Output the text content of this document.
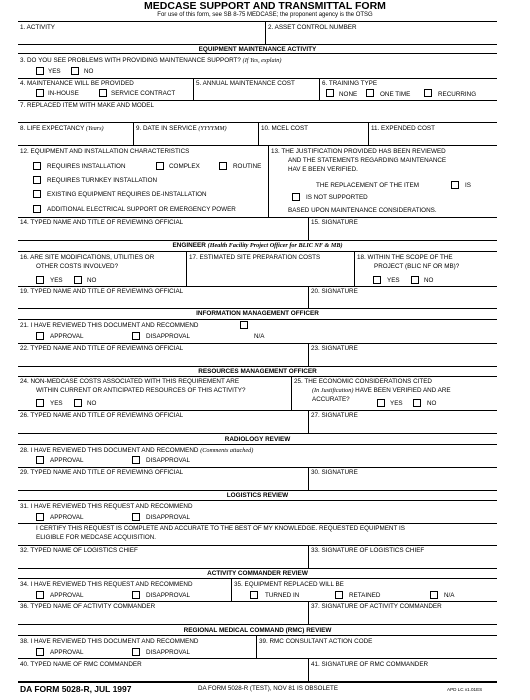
MEDCASE SUPPORT AND TRANSMITTAL FORM
For use of this form, see SB 8-75 MEDCASE; the proponent agency is the OTSG
1. ACTIVITY	2. ASSET CONTROL NUMBER
EQUIPMENT MAINTENANCE ACTIVITY
3. DO YOU SEE PROBLEMS WITH PROVIDING MAINTENANCE SUPPORT? (If Yes, explain)
YES	NO
4. MAINTENANCE WILL BE PROVIDED
IN-HOUSE	SERVICE CONTRACT
5. ANNUAL MAINTENANCE COST	6. TRAINING TYPE
NONE	ONE TIME	RECURRING
7. REPLACED ITEM WITH MAKE AND MODEL
8. LIFE EXPECTANCY (Years)	9. DATE IN SERVICE (YYYYMM)	10. MCEL COST	11. EXPENDED COST
12. EQUIPMENT AND INSTALLATION CHARACTERISTICS
REQUIRES INSTALLATION	COMPLEX	ROUTINE
REQUIRES TURNKEY INSTALLATION
EXISTING EQUIPMENT REQUIRES DE-INSTALLATION
ADDITIONAL ELECTRICAL SUPPORT OR EMERGENCY POWER
13. THE JUSTIFICATION PROVIDED HAS BEEN REVIEWED
AND THE STATEMENTS REGARDING MAINTENANCE
HAV E BEEN VERIFIED.
THE REPLACEMENT OF THE ITEM	IS
IS NOT SUPPORTED
BASED UPON MAINTENANCE CONSIDERATIONS.
14. TYPED NAME AND TITLE OF REVIEWING OFFICIAL	15. SIGNATURE
ENGINEER (Health Facility Project Officer for BLIC NF & MB)
16. ARE SITE MODIFICATIONS, UTILITIES OR
OTHER COSTS INVOLVED?
YES	NO
17. ESTIMATED SITE PREPARATION COSTS	18. WITHIN THE SCOPE OF THE
PROJECT (BLIC NF OR MB)?
YES	NO
19. TYPED NAME AND TITLE OF REVIEWING OFFICIAL	20. SIGNATURE
INFORMATION MANAGEMENT OFFICER
21. I HAVE REVIEWED THIS DOCUMENT AND RECOMMEND
APPROVAL	DISAPPROVAL	N/A
22. TYPED NAME AND TITLE OF REVIEWING OFFICIAL	23. SIGNATURE
RESOURCES MANAGEMENT OFFICER
24. NON-MEDCASE COSTS ASSOCIATED WITH THIS REQUIREMENT ARE
WITHIN CURRENT OR ANTICIPATED RESOURCES OF THIS ACTIVITY?
YES	NO
25. THE ECONOMIC CONSIDERATIONS CITED
(In Justification) HAVE BEEN VERIFIED AND ARE
ACCURATE?
YES	NO
26. TYPED NAME AND TITLE OF REVIEWING OFFICIAL	27. SIGNATURE
RADIOLOGY REVIEW
28. I HAVE REVIEWED THIS DOCUMENT AND RECOMMEND (Comments attached)
APPROVAL	DISAPPROVAL
29. TYPED NAME AND TITLE OF REVIEWING OFFICIAL	30. SIGNATURE
LOGISTICS REVIEW
31. I HAVE REVIEWED THIS REQUEST AND RECOMMEND
APPROVAL	DISAPPROVAL
I CERTIFY THIS REQUEST IS COMPLETE AND ACCURATE TO THE BEST OF MY KNOWLEDGE. REQUESTED EQUIPMENT IS
ELIGIBLE FOR MEDCASE ACQUISITION.
32. TYPED NAME OF LOGISTICS CHIEF	33. SIGNATURE OF LOGISTICS CHIEF
ACTIVITY COMMANDER REVIEW
34. I HAVE REVIEWED THIS REQUEST AND RECOMMEND
APPROVAL	DISAPPROVAL
35. EQUIPMENT REPLACED WILL BE
TURNED IN	RETAINED	N/A
36. TYPED NAME OF ACTIVITY COMMANDER	37. SIGNATURE OF ACTIVITY COMMANDER
REGIONAL MEDICAL COMMAND (RMC) REVIEW
38. I HAVE REVIEWED THIS DOCUMENT AND RECOMMEND
APPROVAL	DISAPPROVAL
39. RMC CONSULTANT ACTION CODE
40. TYPED NAME OF RMC COMMANDER	41. SIGNATURE OF RMC COMMANDER
DA FORM 5028-R, JUL 1997	DA FORM 5028-R (TEST), NOV 81 IS OBSOLETE	APD LC v1.01ES
